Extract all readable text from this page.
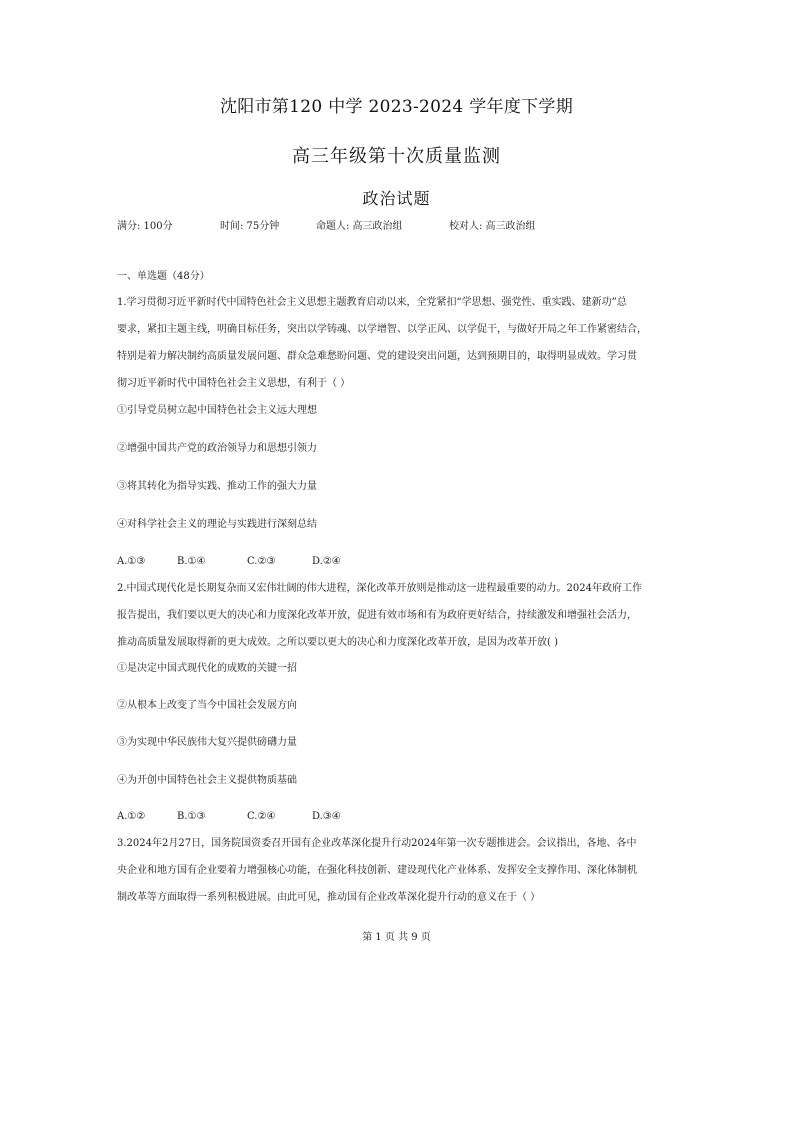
沈阳市第120 中学 2023-2024 学年度下学期
高三年级第十次质量监测
政治试题
满分: 100分	时间: 75分钟	命题人: 高三政治组	校对人: 高三政治组
一、单选题（48分）
1.学习贯彻习近平新时代中国特色社会主义思想主题教育启动以来，全党紧扣“学思想、强党性、重实践、建新功”总
要求，紧扣主题主线，明确目标任务，突出以学铸魂、以学增智、以学正风、以学促干，与做好开局之年工作紧密结合，
特别是着力解决制约高质量发展问题、群众急难愁盼问题、党的建设突出问题，达到预期目的，取得明显成效。学习贯
彻习近平新时代中国特色社会主义思想，有利于（ ）
①引导党员树立起中国特色社会主义远大理想
②增强中国共产党的政治领导力和思想引领力
③将其转化为指导实践、推动工作的强大力量
④对科学社会主义的理论与实践进行深刻总结
A.①③	B.①④	C.②③	D.②④
2.中国式现代化是长期复杂而又宏伟壮阔的伟大进程，深化改革开放则是推动这一进程最重要的动力。2024年政府工作
报告提出，我们要以更大的决心和力度深化改革开放，促进有效市场和有为政府更好结合，持续激发和增强社会活力，
推动高质量发展取得新的更大成效。之所以要以更大的决心和力度深化改革开放，是因为改革开放( )
①是决定中国式现代化的成败的关键一招
②从根本上改变了当今中国社会发展方向
③为实现中华民族伟大复兴提供磅礴力量
④为开创中国特色社会主义提供物质基础
A.①②	B.①③	C.②④	D.③④
3.2024年2月27日，国务院国资委召开国有企业改革深化提升行动2024年第一次专题推进会。会议指出，各地、各中
央企业和地方国有企业要着力增强核心功能，在强化科技创新、建设现代化产业体系、发挥安全支撑作用、深化体制机
制改革等方面取得一系列积极进展。由此可见，推动国有企业改革深化提升行动的意义在于（ ）
第 1 页 共 9 页
